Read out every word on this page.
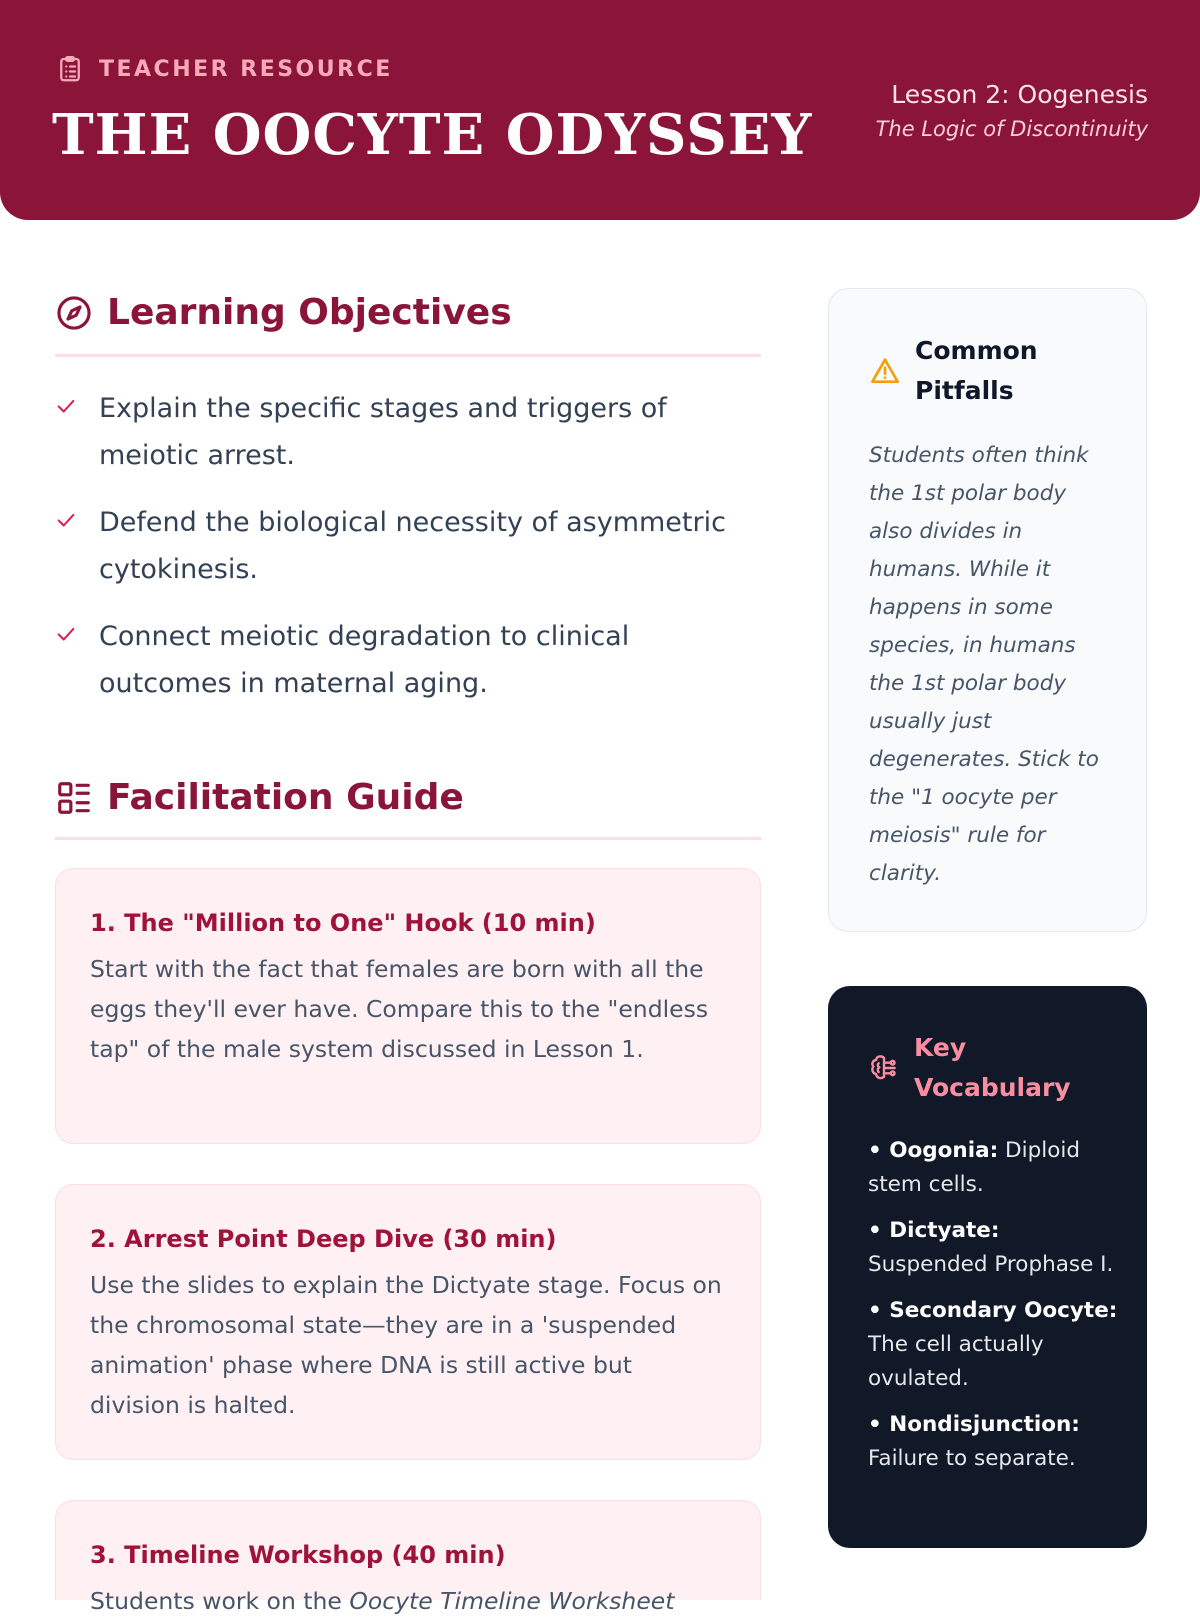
TEACHER RESOURCE
THE OOCYTE ODYSSEY
Lesson 2: Oogenesis
The Logic of Discontinuity
Learning Objectives
Explain the specific stages and triggers of meiotic arrest.
Defend the biological necessity of asymmetric cytokinesis.
Connect meiotic degradation to clinical outcomes in maternal aging.
Facilitation Guide
1. The "Million to One" Hook (10 min)

Start with the fact that females are born with all the eggs they'll ever have. Compare this to the "endless tap" of the male system discussed in Lesson 1.

2. Arrest Point Deep Dive (30 min)

Use the slides to explain the Dictyate stage. Focus on the chromosomal state—they are in a 'suspended animation' phase where DNA is still active but division is halted.

3. Timeline Workshop (40 min)

Students work on the Oocyte Timeline Worksheet

Common Pitfalls

Students often think the 1st polar body also divides in humans. While it happens in some species, in humans the 1st polar body usually just degenerates. Stick to the "1 oocyte per meiosis" rule for clarity.

Key Vocabulary
• Oogonia: Diploid stem cells.
• Dictyate: Suspended Prophase I.
• Secondary Oocyte: The cell actually ovulated.
• Nondisjunction: Failure to separate.
